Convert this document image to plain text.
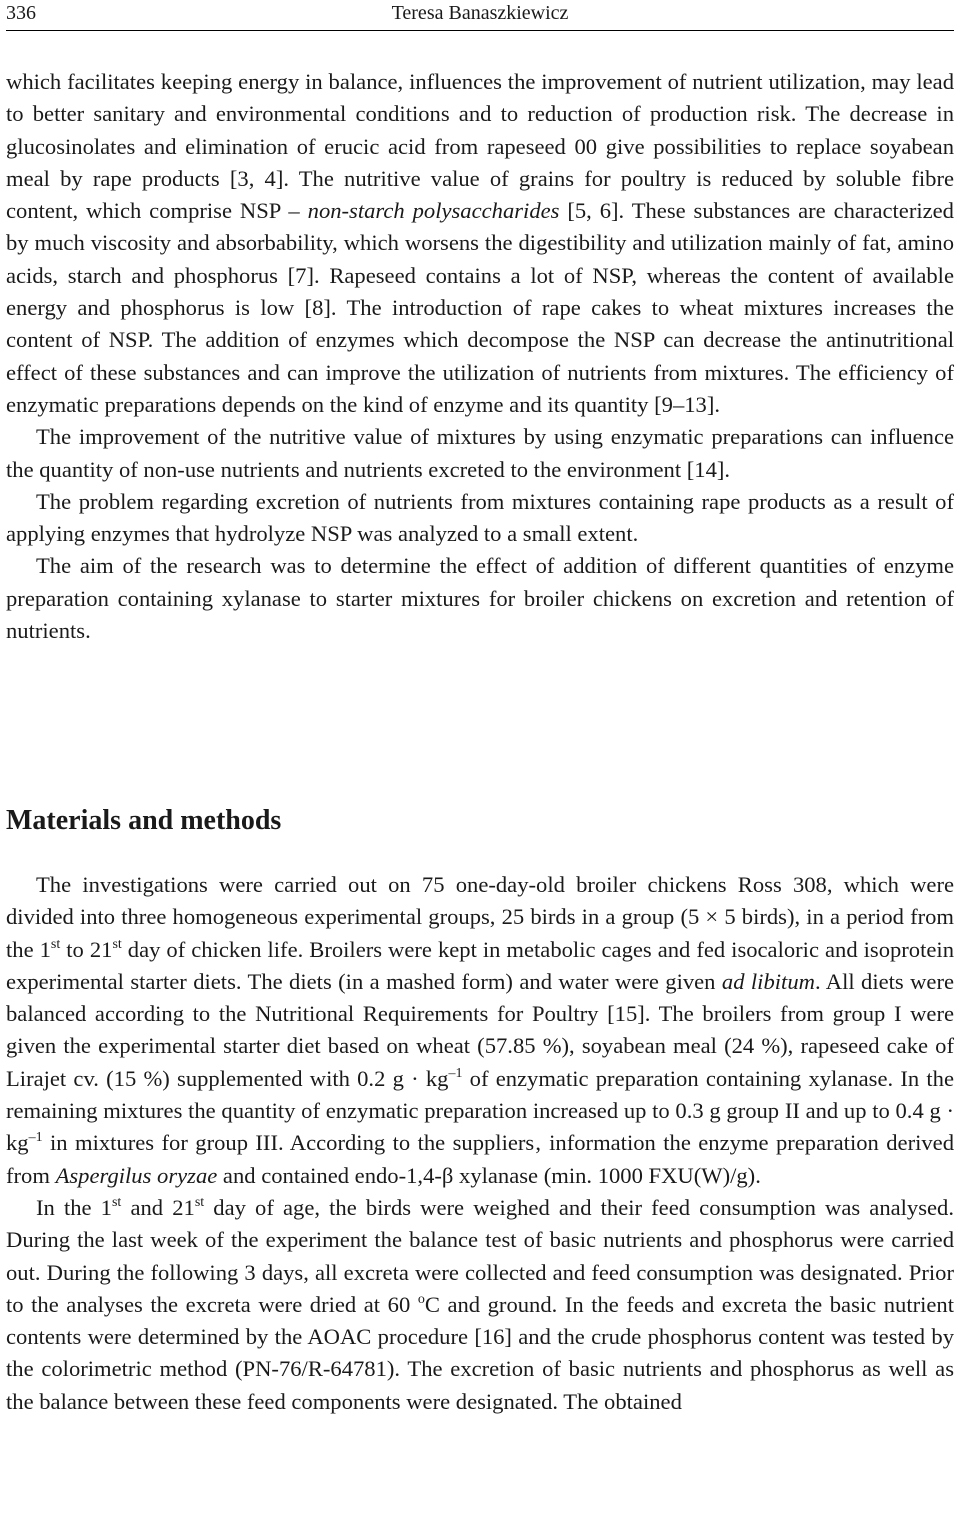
336	Teresa Banaszkiewicz

which facilitates keeping energy in balance, influences the improvement of nutrient utilization, may lead to better sanitary and environmental conditions and to reduction of production risk. The decrease in glucosinolates and elimination of erucic acid from rapeseed 00 give possibilities to replace soyabean meal by rape products [3, 4]. The nutritive value of grains for poultry is reduced by soluble fibre content, which comprise NSP – non-starch polysaccharides [5, 6]. These substances are characterized by much viscosity and absorbability, which worsens the digestibility and utilization mainly of fat, amino acids, starch and phosphorus [7]. Rapeseed contains a lot of NSP, whereas the content of available energy and phosphorus is low [8]. The introduction of rape cakes to wheat mixtures increases the content of NSP. The addition of enzymes which decompose the NSP can decrease the antinutritional effect of these substances and can improve the utilization of nutrients from mixtures. The efficiency of enzymatic preparations depends on the kind of enzyme and its quantity [9–13].

The improvement of the nutritive value of mixtures by using enzymatic preparations can influence the quantity of non-use nutrients and nutrients excreted to the environment [14].

The problem regarding excretion of nutrients from mixtures containing rape products as a result of applying enzymes that hydrolyze NSP was analyzed to a small extent.

The aim of the research was to determine the effect of addition of different quantities of enzyme preparation containing xylanase to starter mixtures for broiler chickens on excretion and retention of nutrients.

Materials and methods

The investigations were carried out on 75 one-day-old broiler chickens Ross 308, which were divided into three homogeneous experimental groups, 25 birds in a group (5 × 5 birds), in a period from the 1st to 21st day of chicken life. Broilers were kept in metabolic cages and fed isocaloric and isoprotein experimental starter diets. The diets (in a mashed form) and water were given ad libitum. All diets were balanced according to the Nutritional Requirements for Poultry [15]. The broilers from group I were given the experimental starter diet based on wheat (57.85 %), soyabean meal (24 %), rapeseed cake of Lirajet cv. (15 %) supplemented with 0.2 $g \cdot kg^{-1}$ of enzymatic preparation containing xylanase. In the remaining mixtures the quantity of enzymatic preparation increased up to 0.3 g group II and up to 0.4 $g \cdot kg^{-1}$ in mixtures for group III. According to the suppliers‚ information the enzyme preparation derived from Aspergilus oryzae and contained endo-1,4-β xylanase (min. 1000 FXU(W)/g).

In the 1st and 21st day of age, the birds were weighed and their feed consumption was analysed. During the last week of the experiment the balance test of basic nutrients and phosphorus were carried out. During the following 3 days, all excreta were collected and feed consumption was designated. Prior to the analyses the excreta were dried at 60 $^o$C and ground. In the feeds and excreta the basic nutrient contents were determined by the AOAC procedure [16] and the crude phosphorus content was tested by the colorimetric method (PN-76/R-64781). The excretion of basic nutrients and phosphorus as well as the balance between these feed components were designated. The obtained
